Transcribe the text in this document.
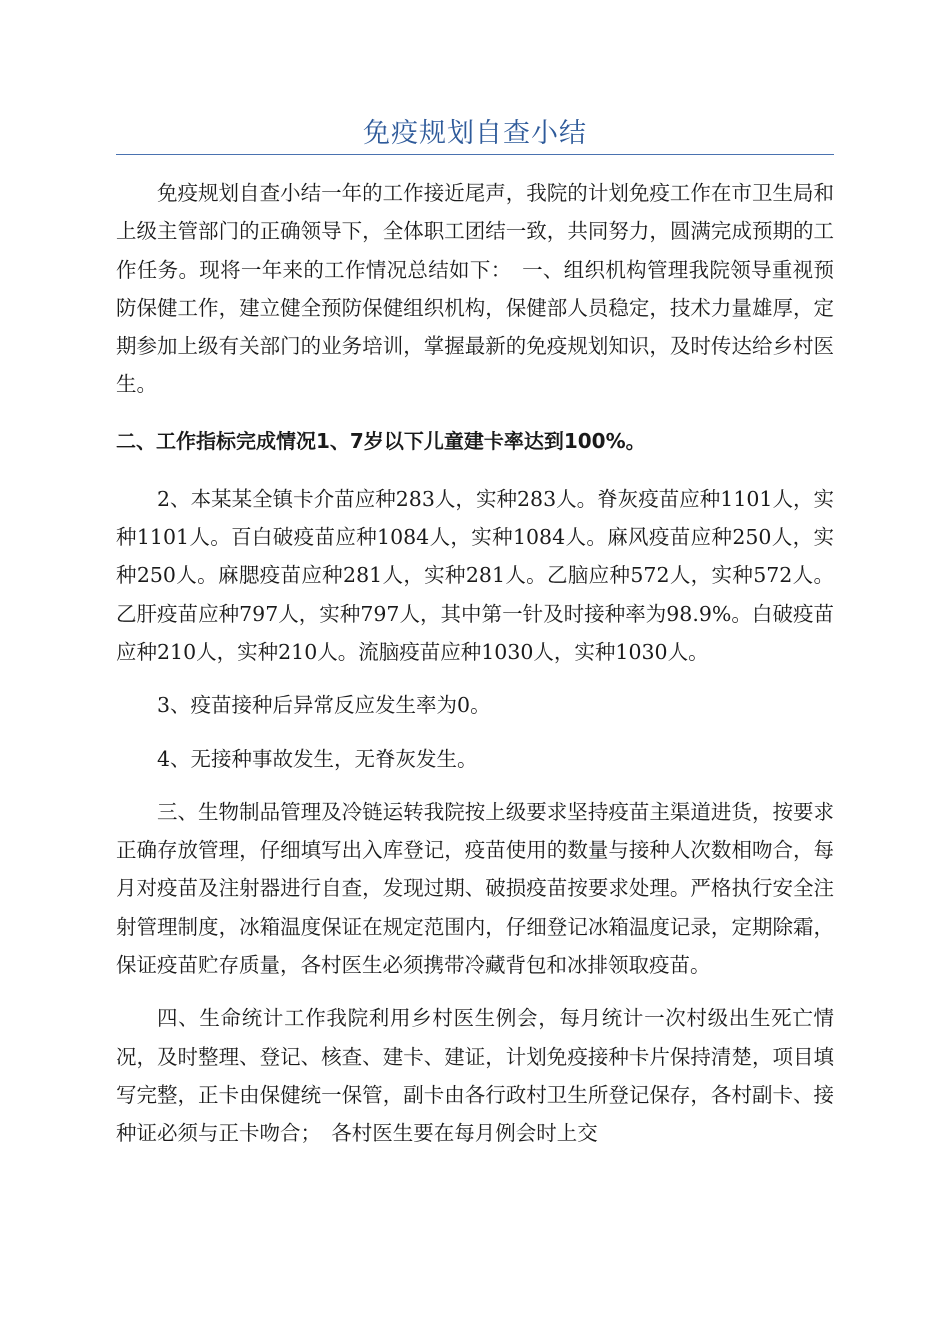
免疫规划自查小结

免疫规划自查小结一年的工作接近尾声，我院的计划免疫工作在市卫生局和上级主管部门的正确领导下，全体职工团结一致，共同努力，圆满完成预期的工作任务。现将一年来的工作情况总结如下：　一、组织机构管理我院领导重视预防保健工作，建立健全预防保健组织机构，保健部人员稳定，技术力量雄厚，定期参加上级有关部门的业务培训，掌握最新的免疫规划知识，及时传达给乡村医生。

二、工作指标完成情况1、7岁以下儿童建卡率达到100%。

2、本某某全镇卡介苗应种283人，实种283人。脊灰疫苗应种1101人，实种1101人。百白破疫苗应种1084人，实种1084人。麻风疫苗应种250人，实种250人。麻腮疫苗应种281人，实种281人。乙脑应种572人，实种572人。乙肝疫苗应种797人，实种797人，其中第一针及时接种率为98.9%。白破疫苗应种210人，实种210人。流脑疫苗应种1030人，实种1030人。

3、疫苗接种后异常反应发生率为0。

4、无接种事故发生，无脊灰发生。

三、生物制品管理及冷链运转我院按上级要求坚持疫苗主渠道进货，按要求正确存放管理，仔细填写出入库登记，疫苗使用的数量与接种人次数相吻合，每月对疫苗及注射器进行自查，发现过期、破损疫苗按要求处理。严格执行安全注射管理制度，冰箱温度保证在规定范围内，仔细登记冰箱温度记录，定期除霜，保证疫苗贮存质量，各村医生必须携带冷藏背包和冰排领取疫苗。

四、生命统计工作我院利用乡村医生例会，每月统计一次村级出生死亡情况，及时整理、登记、核查、建卡、建证，计划免疫接种卡片保持清楚，项目填写完整，正卡由保健统一保管，副卡由各行政村卫生所登记保存，各村副卡、接种证必须与正卡吻合；　各村医生要在每月例会时上交
